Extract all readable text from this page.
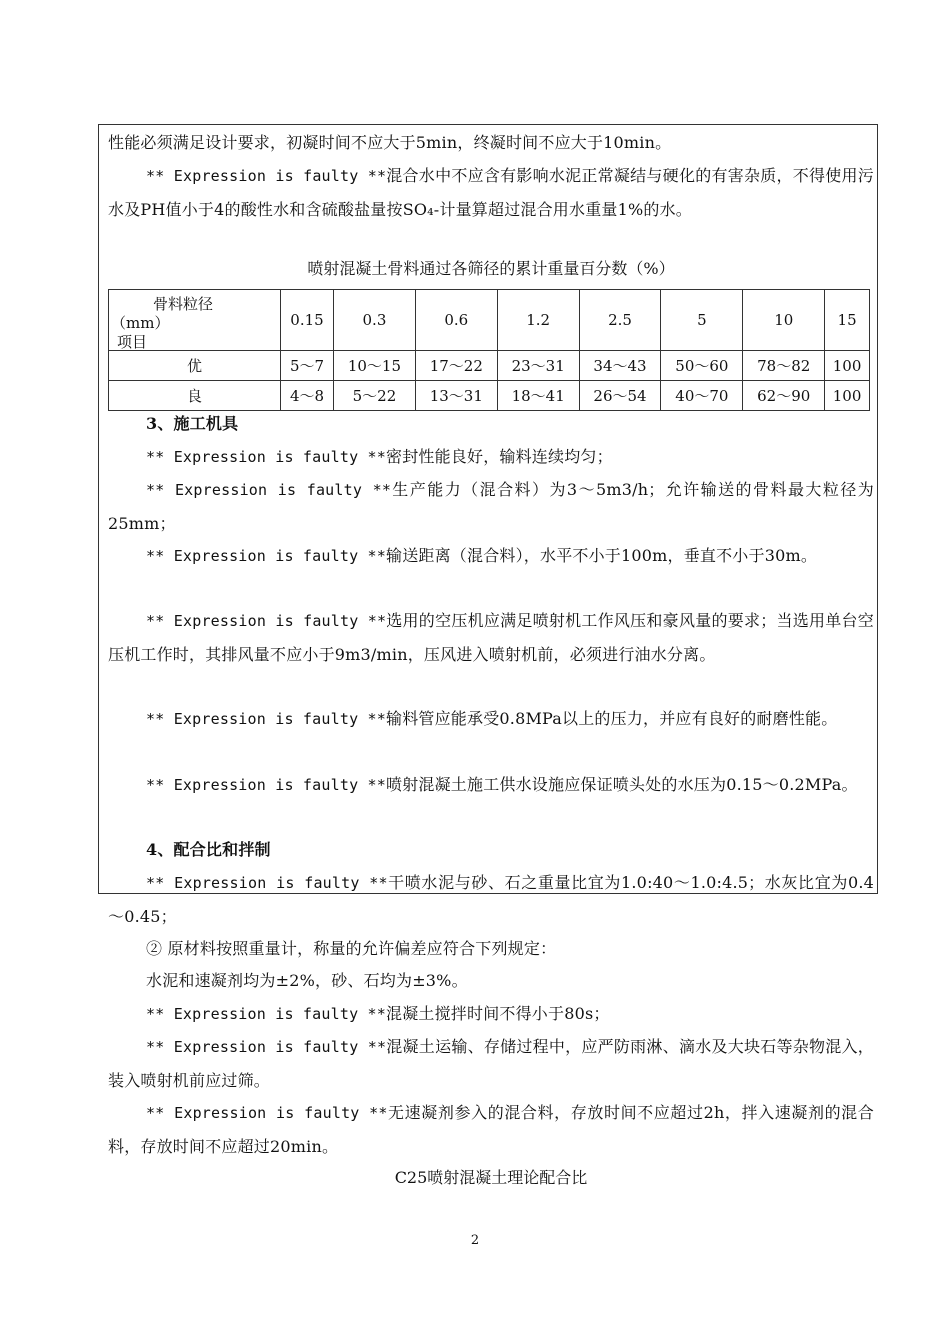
性能必须满足设计要求，初凝时间不应大于5min，终凝时间不应大于10min。
** Expression is faulty **混合水中不应含有影响水泥正常凝结与硬化的有害杂质，不得使用污水及PH值小于4的酸性水和含硫酸盐量按SO₄-计量算超过混合用水重量1%的水。
喷射混凝土骨料通过各筛径的累计重量百分数（%）
骨料粒径
（mm）
项目	0.15	0.3	0.6	1.2	2.5	5	10	15
优	5～7	10～15	17～22	23～31	34～43	50～60	78～82	100
良	4～8	5～22	13～31	18～41	26～54	40～70	62～90	100
3、施工机具
** Expression is faulty **密封性能良好，输料连续均匀；
** Expression is faulty **生产能力（混合料）为3～5m3/h；允许输送的骨料最大粒径为25mm；
** Expression is faulty **输送距离（混合料），水平不小于100m，垂直不小于30m。
** Expression is faulty **选用的空压机应满足喷射机工作风压和豪风量的要求；当选用单台空压机工作时，其排风量不应小于9m3/min，压风进入喷射机前，必须进行油水分离。
** Expression is faulty **输料管应能承受0.8MPa以上的压力，并应有良好的耐磨性能。
** Expression is faulty **喷射混凝土施工供水设施应保证喷头处的水压为0.15～0.2MPa。
4、配合比和拌制
** Expression is faulty **干喷水泥与砂、石之重量比宜为1.0:40～1.0:4.5；水灰比宜为0.4～0.45；
② 原材料按照重量计，称量的允许偏差应符合下列规定：
水泥和速凝剂均为±2%，砂、石均为±3%。
** Expression is faulty **混凝土搅拌时间不得小于80s；
** Expression is faulty **混凝土运输、存储过程中，应严防雨淋、滴水及大块石等杂物混入，装入喷射机前应过筛。
** Expression is faulty **无速凝剂参入的混合料，存放时间不应超过2h，拌入速凝剂的混合料，存放时间不应超过20min。
C25喷射混凝土理论配合比
2
